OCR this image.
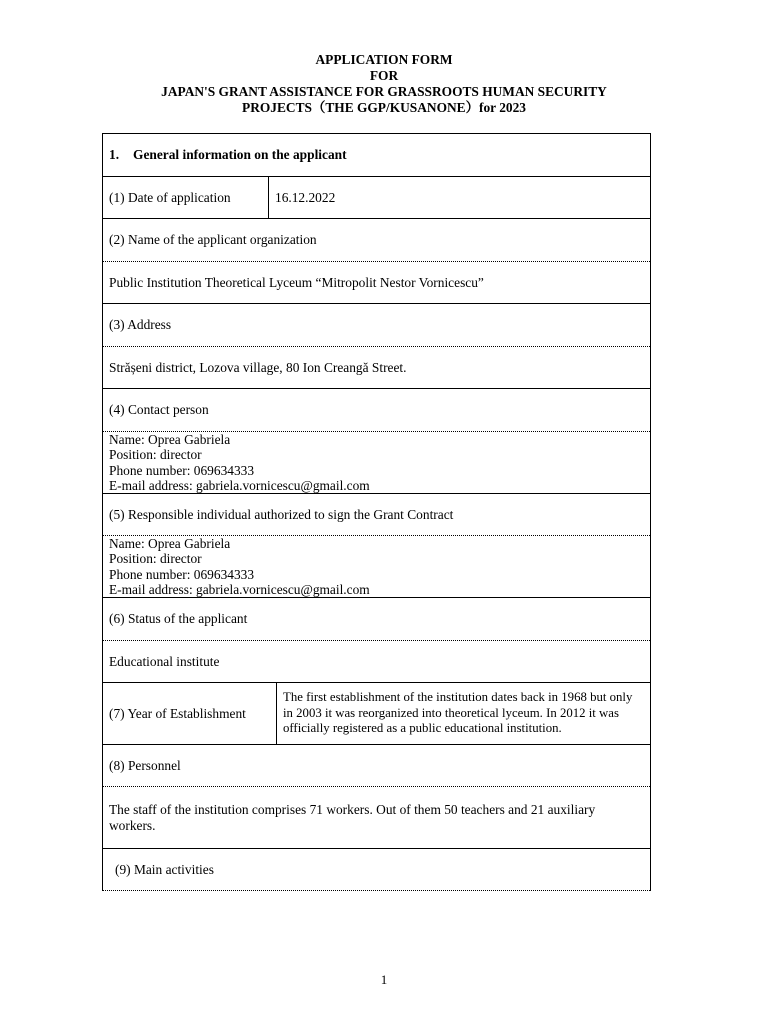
APPLICATION FORM
FOR
JAPAN'S GRANT ASSISTANCE FOR GRASSROOTS HUMAN SECURITY
PROJECTS（THE GGP/KUSANONE）for 2023
1. General information on the applicant
(1) Date of application	16.12.2022
(2) Name of the applicant organization
Public Institution Theoretical Lyceum “Mitropolit Nestor Vornicescu”
(3) Address
Strășeni district, Lozova village, 80 Ion Creangă Street.
(4) Contact person
Name: Oprea Gabriela
Position: director
Phone number: 069634333
E-mail address: gabriela.vornicescu@gmail.com
(5) Responsible individual authorized to sign the Grant Contract
Name: Oprea Gabriela
Position: director
Phone number: 069634333
E-mail address: gabriela.vornicescu@gmail.com
(6) Status of the applicant
Educational institute
(7) Year of Establishment
The first establishment of the institution dates back in 1968 but only in 2003 it was reorganized into theoretical lyceum. In 2012 it was officially registered as a public educational institution.
(8) Personnel
The staff of the institution comprises 71 workers. Out of them 50 teachers and 21 auxiliary workers.
(9) Main activities
1
